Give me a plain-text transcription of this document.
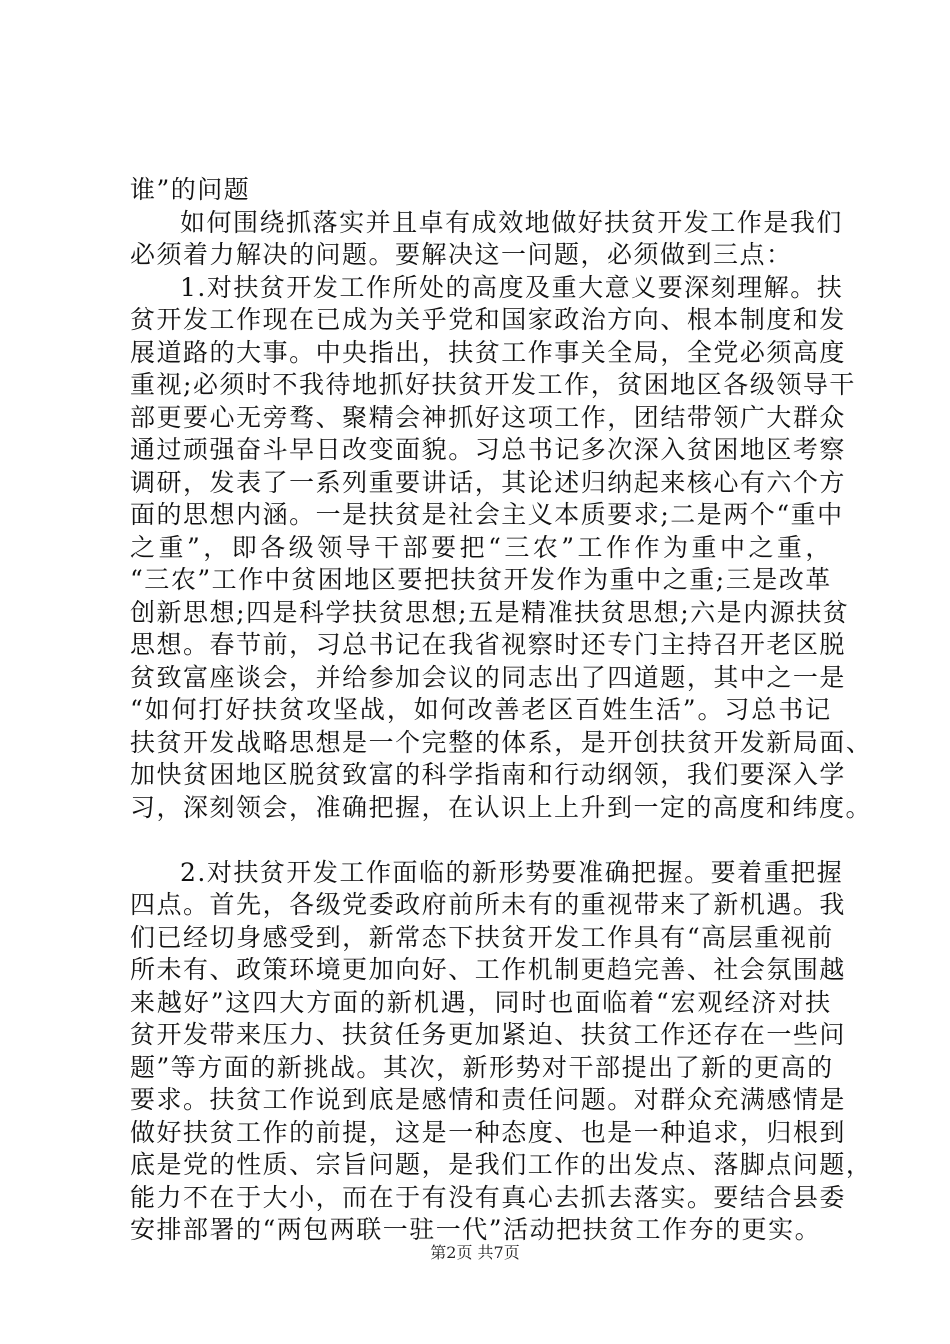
谁”的问题
如 何 围 绕 抓 落 实 并 且 卓 有 成 效 地 做 好 扶 贫 开 发 工 作 是 我 们
必须着力解决的问题。要解决这一问题，必须做到三点：
1 . 对 扶 贫 开 发 工 作 所 处 的 高 度 及 重 大 意 义 要 深 刻 理 解 。 扶
贫 开 发 工 作 现 在 已 成 为 关 乎 党 和 国 家 政 治 方 向 、 根 本 制 度 和 发
展 道 路 的 大 事 。 中 央 指 出 ， 扶 贫 工 作 事 关 全 局 ， 全 党 必 须 高 度
重 视 ; 必 须 时 不 我 待 地 抓 好 扶 贫 开 发 工 作 ， 贫 困 地 区 各 级 领 导 干
部 更 要 心 无 旁 骛 、 聚 精 会 神 抓 好 这 项 工 作 ， 团 结 带 领 广 大 群 众
通 过 顽 强 奋 斗 早 日 改 变 面 貌 。 习 总 书 记 多 次 深 入 贫 困 地 区 考 察
调 研 ， 发 表 了 一 系 列 重 要 讲 话 ， 其 论 述 归 纳 起 来 核 心 有 六 个 方
面 的 思 想 内 涵 。 一 是 扶 贫 是 社 会 主 义 本 质 要 求 ; 二 是 两 个 “ 重 中
之 重 ” ， 即 各 级 领 导 干 部 要 把 “ 三 农 ” 工 作 作 为 重 中 之 重 ，
“ 三 农 ” 工 作 中 贫 困 地 区 要 把 扶 贫 开 发 作 为 重 中 之 重 ; 三 是 改 革
创 新 思 想 ; 四 是 科 学 扶 贫 思 想 ; 五 是 精 准 扶 贫 思 想 ; 六 是 内 源 扶 贫
思 想 。 春 节 前 ， 习 总 书 记 在 我 省 视 察 时 还 专 门 主 持 召 开 老 区 脱
贫 致 富 座 谈 会 ， 并 给 参 加 会 议 的 同 志 出 了 四 道 题 ， 其 中 之 一 是
“ 如 何 打 好 扶 贫 攻 坚 战 ， 如 何 改 善 老 区 百 姓 生 活 ” 。 习 总 书 记
扶 贫 开 发 战 略 思 想 是 一 个 完 整 的 体 系 ， 是 开 创 扶 贫 开 发 新 局 面 、
加 快 贫 困 地 区 脱 贫 致 富 的 科 学 指 南 和 行 动 纲 领 ， 我 们 要 深 入 学
习，深刻领会，准确把握，在认识上上升到一定的高度和纬度。
2 . 对 扶 贫 开 发 工 作 面 临 的 新 形 势 要 准 确 把 握 。 要 着 重 把 握
四 点 。 首 先 ， 各 级 党 委 政 府 前 所 未 有 的 重 视 带 来 了 新 机 遇 。 我
们 已 经 切 身 感 受 到 ， 新 常 态 下 扶 贫 开 发 工 作 具 有 “ 高 层 重 视 前
所 未 有 、 政 策 环 境 更 加 向 好 、 工 作 机 制 更 趋 完 善 、 社 会 氛 围 越
来 越 好 ” 这 四 大 方 面 的 新 机 遇 ， 同 时 也 面 临 着 “ 宏 观 经 济 对 扶
贫 开 发 带 来 压 力 、 扶 贫 任 务 更 加 紧 迫 、 扶 贫 工 作 还 存 在 一 些 问
题 ” 等 方 面 的 新 挑 战 。 其 次 ， 新 形 势 对 干 部 提 出 了 新 的 更 高 的
要 求 。 扶 贫 工 作 说 到 底 是 感 情 和 责 任 问 题 。 对 群 众 充 满 感 情 是
做 好 扶 贫 工 作 的 前 提 ， 这 是 一 种 态 度 、 也 是 一 种 追 求 ， 归 根 到
底 是 党 的 性 质 、 宗 旨 问 题 ， 是 我 们 工 作 的 出 发 点 、 落 脚 点 问 题 ，
能 力 不 在 于 大 小 ， 而 在 于 有 没 有 真 心 去 抓 去 落 实 。 要 结 合 县 委
安排部署的“两包两联一驻一代”活动把扶贫工作夯的更实。
第2页 共7页
